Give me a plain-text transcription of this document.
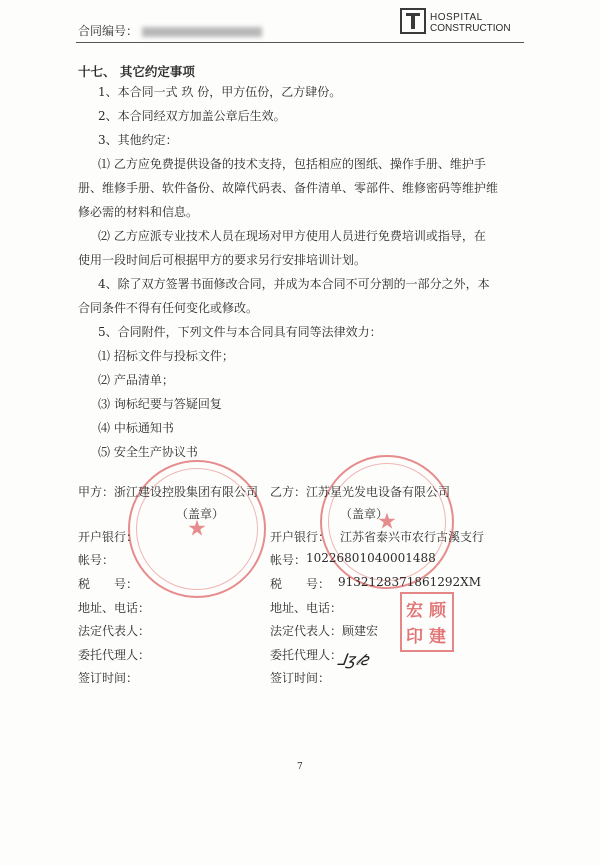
合同编号：
HOSPITAL
CONSTRUCTION
十七、 其它约定事项
1、本合同一式 玖 份，甲方伍份，乙方肆份。
2、本合同经双方加盖公章后生效。
3、其他约定：
⑴ 乙方应免费提供设备的技术支持，包括相应的图纸、操作手册、维护手
册、维修手册、软件备份、故障代码表、备件清单、零部件、维修密码等维护维
修必需的材料和信息。
⑵ 乙方应派专业技术人员在现场对甲方使用人员进行免费培训或指导，在
使用一段时间后可根据甲方的要求另行安排培训计划。
4、除了双方签署书面修改合同，并成为本合同不可分割的一部分之外，本
合同条件不得有任何变化或修改。
5、合同附件，下列文件与本合同具有同等法律效力：
⑴ 招标文件与投标文件；
⑵ 产品清单；
⑶ 询标纪要与答疑回复
⑷ 中标通知书
⑸ 安全生产协议书
★	★
甲方：浙江建设控股集团有限公司
（盖章）
开户银行：
帐号：
税　　号：
地址、电话：
法定代表人：
委托代理人：
签订时间：
乙方：江苏星光发电设备有限公司
（盖章）
开户银行： 江苏省泰兴市农行古溪支行
帐号： 10226801040001488
税　　号： 91321283718612​92XM
地址、电话：
法定代表人： 顾建宏
委托代理人：
签订时间：
⅃ʒ𝓁ƨ
宏 顾
印 建
7
